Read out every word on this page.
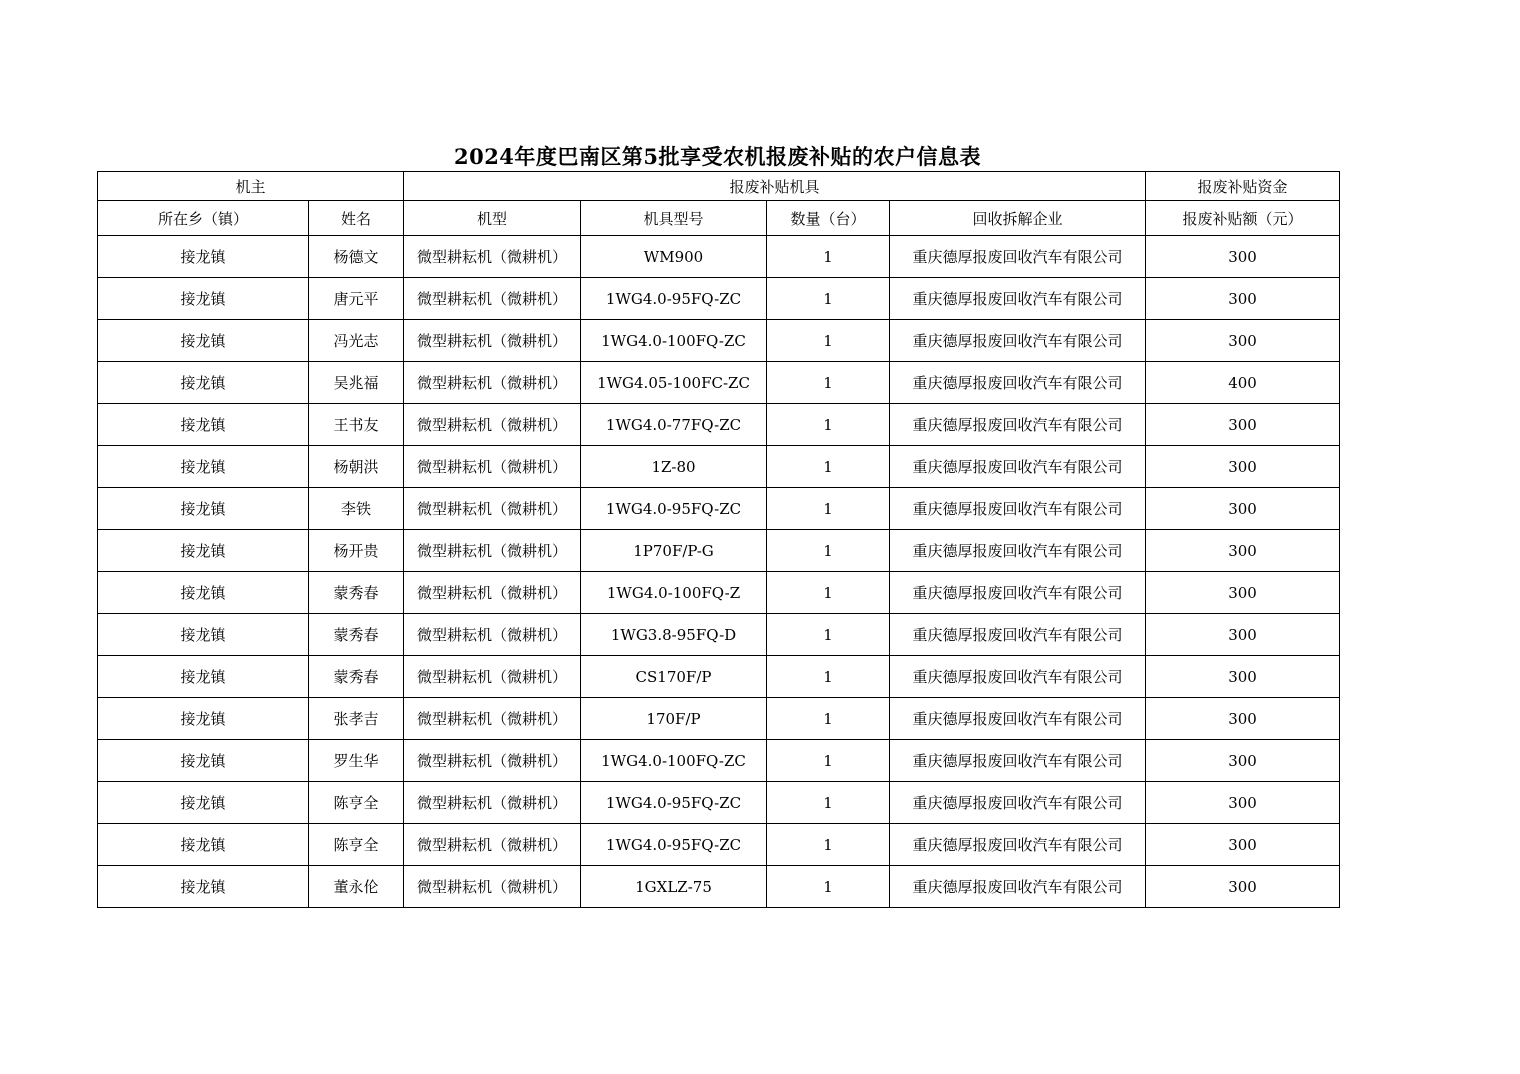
2024年度巴南区第5批享受农机报废补贴的农户信息表
机主		报废补贴机具				报废补贴资金
所在乡（镇）	姓名	机型	机具型号	数量（台）	回收拆解企业	报废补贴额（元）
接龙镇	杨德文	微型耕耘机（微耕机）	WM900	1	重庆德厚报废回收汽车有限公司	300
接龙镇	唐元平	微型耕耘机（微耕机）	1WG4.0-95FQ-ZC	1	重庆德厚报废回收汽车有限公司	300
接龙镇	冯光志	微型耕耘机（微耕机）	1WG4.0-100FQ-ZC	1	重庆德厚报废回收汽车有限公司	300
接龙镇	吴兆福	微型耕耘机（微耕机）	1WG4.05-100FC-ZC	1	重庆德厚报废回收汽车有限公司	400
接龙镇	王书友	微型耕耘机（微耕机）	1WG4.0-77FQ-ZC	1	重庆德厚报废回收汽车有限公司	300
接龙镇	杨朝洪	微型耕耘机（微耕机）	1Z-80	1	重庆德厚报废回收汽车有限公司	300
接龙镇	李铁	微型耕耘机（微耕机）	1WG4.0-95FQ-ZC	1	重庆德厚报废回收汽车有限公司	300
接龙镇	杨开贵	微型耕耘机（微耕机）	1P70F/P-G	1	重庆德厚报废回收汽车有限公司	300
接龙镇	蒙秀春	微型耕耘机（微耕机）	1WG4.0-100FQ-Z	1	重庆德厚报废回收汽车有限公司	300
接龙镇	蒙秀春	微型耕耘机（微耕机）	1WG3.8-95FQ-D	1	重庆德厚报废回收汽车有限公司	300
接龙镇	蒙秀春	微型耕耘机（微耕机）	CS170F/P	1	重庆德厚报废回收汽车有限公司	300
接龙镇	张孝吉	微型耕耘机（微耕机）	170F/P	1	重庆德厚报废回收汽车有限公司	300
接龙镇	罗生华	微型耕耘机（微耕机）	1WG4.0-100FQ-ZC	1	重庆德厚报废回收汽车有限公司	300
接龙镇	陈亨全	微型耕耘机（微耕机）	1WG4.0-95FQ-ZC	1	重庆德厚报废回收汽车有限公司	300
接龙镇	陈亨全	微型耕耘机（微耕机）	1WG4.0-95FQ-ZC	1	重庆德厚报废回收汽车有限公司	300
接龙镇	董永伦	微型耕耘机（微耕机）	1GXLZ-75	1	重庆德厚报废回收汽车有限公司	300
